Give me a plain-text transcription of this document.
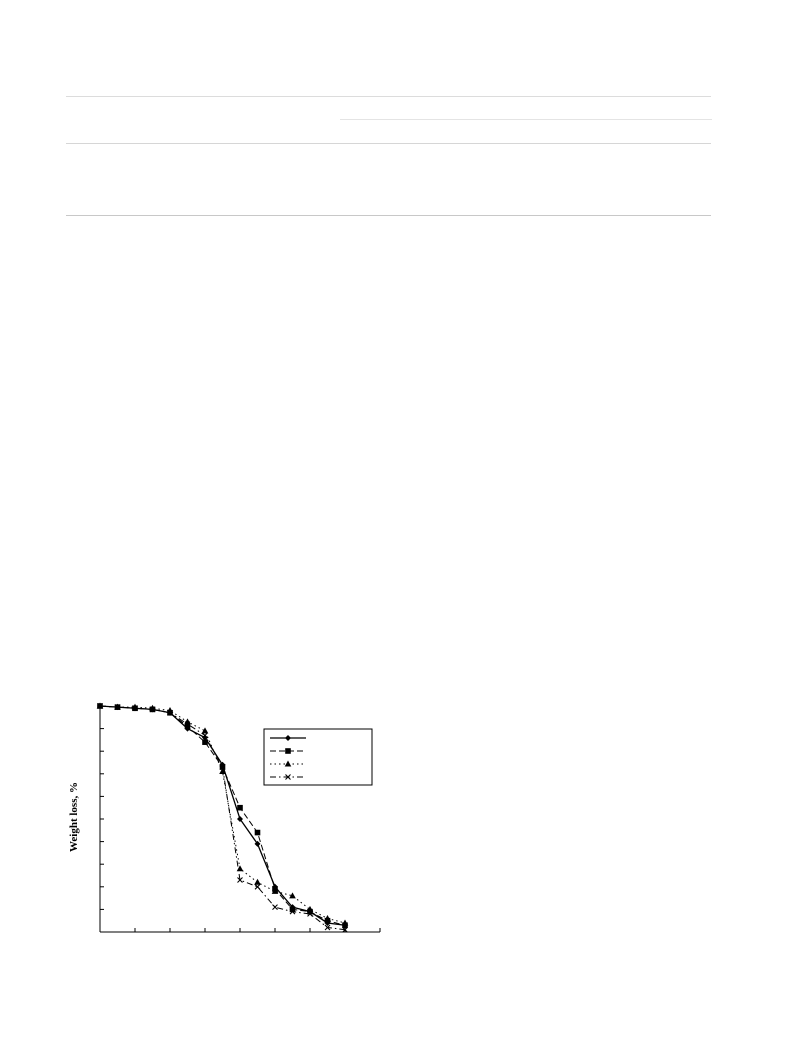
Weight loss, %
